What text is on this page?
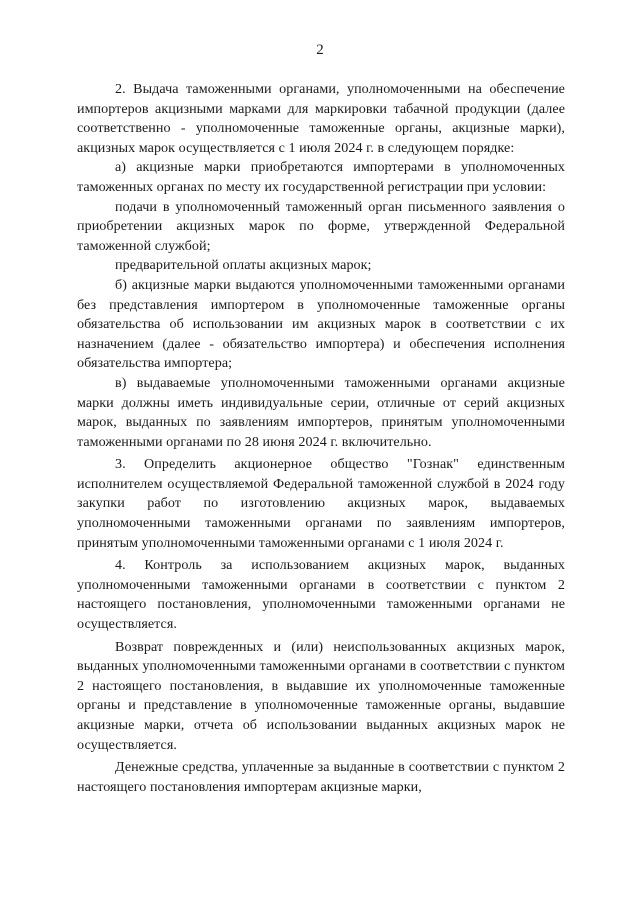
2

2. Выдача таможенными органами, уполномоченными на обеспечение импортеров акцизными марками для маркировки табачной продукции (далее соответственно - уполномоченные таможенные органы, акцизные марки), акцизных марок осуществляется с 1 июля 2024 г. в следующем порядке:

а) акцизные марки приобретаются импортерами в уполномоченных таможенных органах по месту их государственной регистрации при условии:

подачи в уполномоченный таможенный орган письменного заявления о приобретении акцизных марок по форме, утвержденной Федеральной таможенной службой;

предварительной оплаты акцизных марок;

б) акцизные марки выдаются уполномоченными таможенными органами без представления импортером в уполномоченные таможенные органы обязательства об использовании им акцизных марок в соответствии с их назначением (далее - обязательство импортера) и обеспечения исполнения обязательства импортера;

в) выдаваемые уполномоченными таможенными органами акцизные марки должны иметь индивидуальные серии, отличные от серий акцизных марок, выданных по заявлениям импортеров, принятым уполномоченными таможенными органами по 28 июня 2024 г. включительно.

3. Определить акционерное общество "Гознак" единственным исполнителем осуществляемой Федеральной таможенной службой в 2024 году закупки работ по изготовлению акцизных марок, выдаваемых уполномоченными таможенными органами по заявлениям импортеров, принятым уполномоченными таможенными органами с 1 июля 2024 г.

4. Контроль за использованием акцизных марок, выданных уполномоченными таможенными органами в соответствии с пунктом 2 настоящего постановления, уполномоченными таможенными органами не осуществляется.

Возврат поврежденных и (или) неиспользованных акцизных марок, выданных уполномоченными таможенными органами в соответствии с пунктом 2 настоящего постановления, в выдавшие их уполномоченные таможенные органы и представление в уполномоченные таможенные органы, выдавшие акцизные марки, отчета об использовании выданных акцизных марок не осуществляется.

Денежные средства, уплаченные за выданные в соответствии с пунктом 2 настоящего постановления импортерам акцизные марки,
